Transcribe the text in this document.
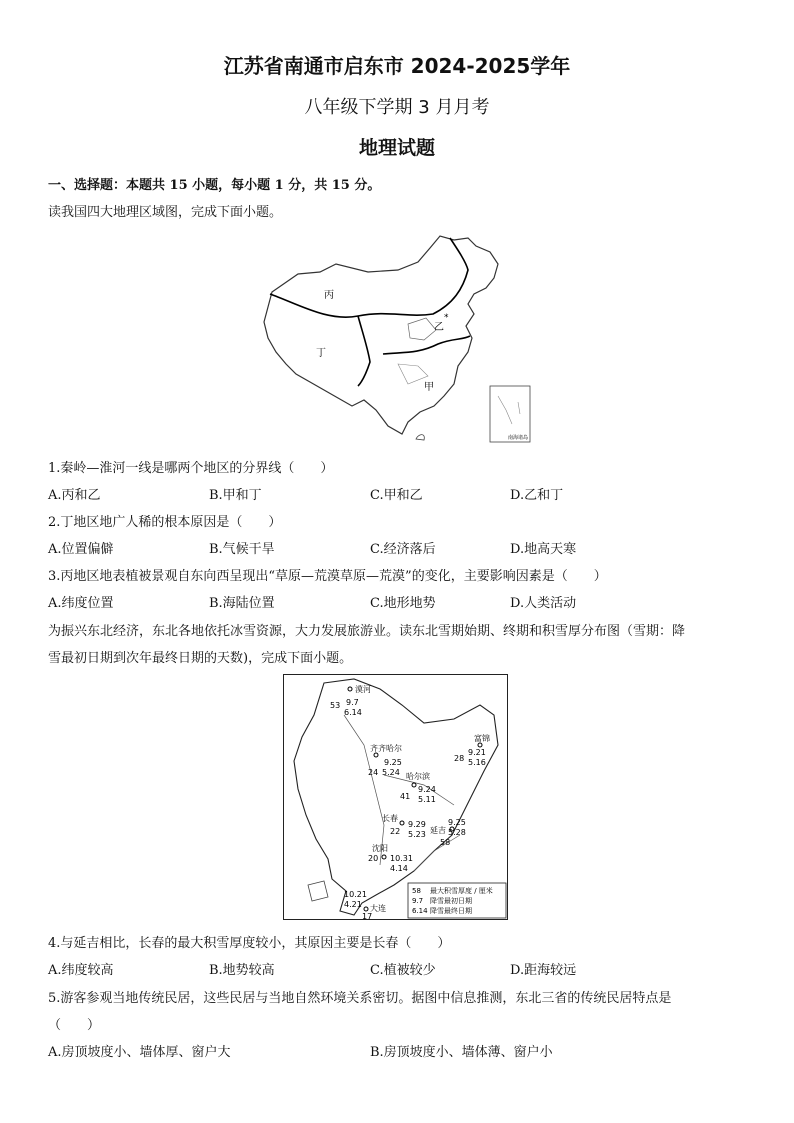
江苏省南通市启东市 2024-2025学年
八年级下学期 3 月月考
地理试题
一、选择题：本题共 15 小题，每小题 1 分，共 15 分。
读我国四大地理区域图，完成下面小题。
丙
乙
丁
甲
*
南海诸岛
1.秦岭—淮河一线是哪两个地区的分界线（　　）
A.丙和乙	B.甲和丁	C.甲和乙	D.乙和丁
2.丁地区地广人稀的根本原因是（　　）
A.位置偏僻	B.气候干旱	C.经济落后	D.地高天寒
3.丙地区地表植被景观自东向西呈现出“草原—荒漠草原—荒漠”的变化，主要影响因素是（　　）
A.纬度位置	B.海陆位置	C.地形地势	D.人类活动
为振兴东北经济，东北各地依托冰雪资源，大力发展旅游业。读东北雪期始期、终期和积雪厚分布图（雪期：降
雪最初日期到次年最终日期的天数)，完成下面小题。
漠河
9.7
6.14
53
齐齐哈尔
9.25
5.24
24	哈尔滨
9.24
5.11
41
富锦
9.21
5.16
28
长春
9.29
5.23
22	延吉
9.25
5.28
58
沈阳
10.31
4.14
20
10.21
4.21 大连
17
58 最大积雪厚度 / 厘米
9.7 降雪最初日期
6.14 降雪最终日期
4.与延吉相比，长春的最大积雪厚度较小，其原因主要是长春（　　）
A.纬度较高	B.地势较高	C.植被较少	D.距海较远
5.游客参观当地传统民居，这些民居与当地自然环境关系密切。据图中信息推测，东北三省的传统民居特点是
（　　）
A.房顶坡度小、墙体厚、窗户大	B.房顶坡度小、墙体薄、窗户小
